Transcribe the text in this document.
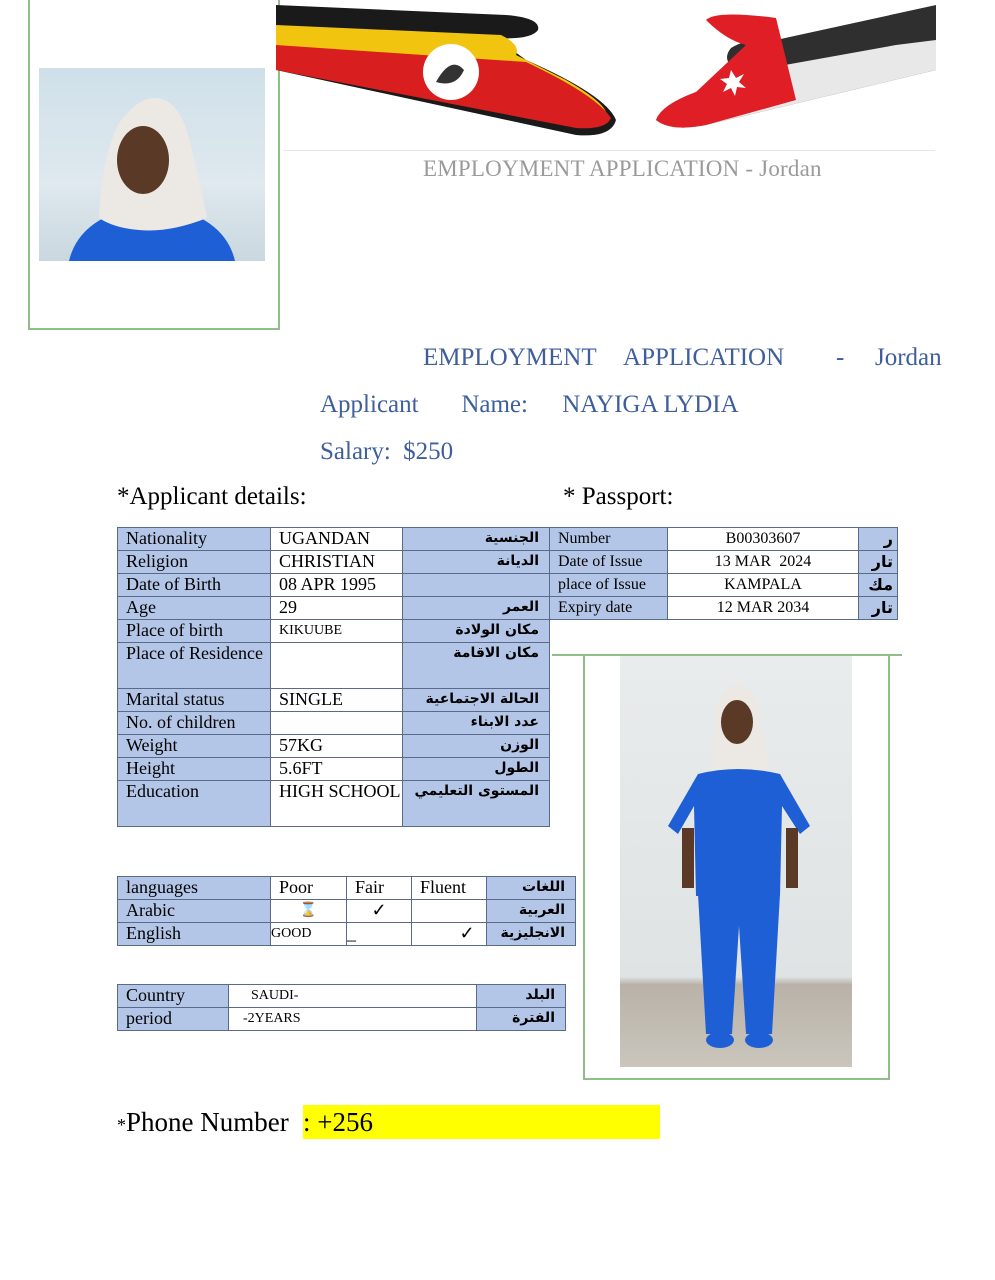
EMPLOYMENT APPLICATION - Jordan
EMPLOYMENT APPLICATION - Jordan
Applicant   Name: NAYIGA LYDIA
Salary: $250
*Applicant details:	* Passport:
Nationality	UGANDAN	الجنسية
Religion	CHRISTIAN	الديانة
Date of Birth	08 APR 1995	
Age	29	العمر
Place of birth	KIKUUBE	مكان الولادة
Place of Residence		مكان الاقامة
Marital status	SINGLE	الحالة الاجتماعية
No. of children		عدد الابناء
Weight	57KG	الوزن
Height	5.6FT	الطول
Education	HIGH SCHOOL	المستوى التعليمي
Number	B00303607	ر
Date of Issue	13 MAR  2024	تار
place of Issue	KAMPALA	مك
Expiry date	12 MAR 2034	تار
languages	Poor	Fair	Fluent	اللغات
Arabic	⌛	✓		العربية
English	GOOD	_	✓	الانجليزية
Country	SAUDI-	البلد
period	-2YEARS	الفترة
*Phone Number : +256
